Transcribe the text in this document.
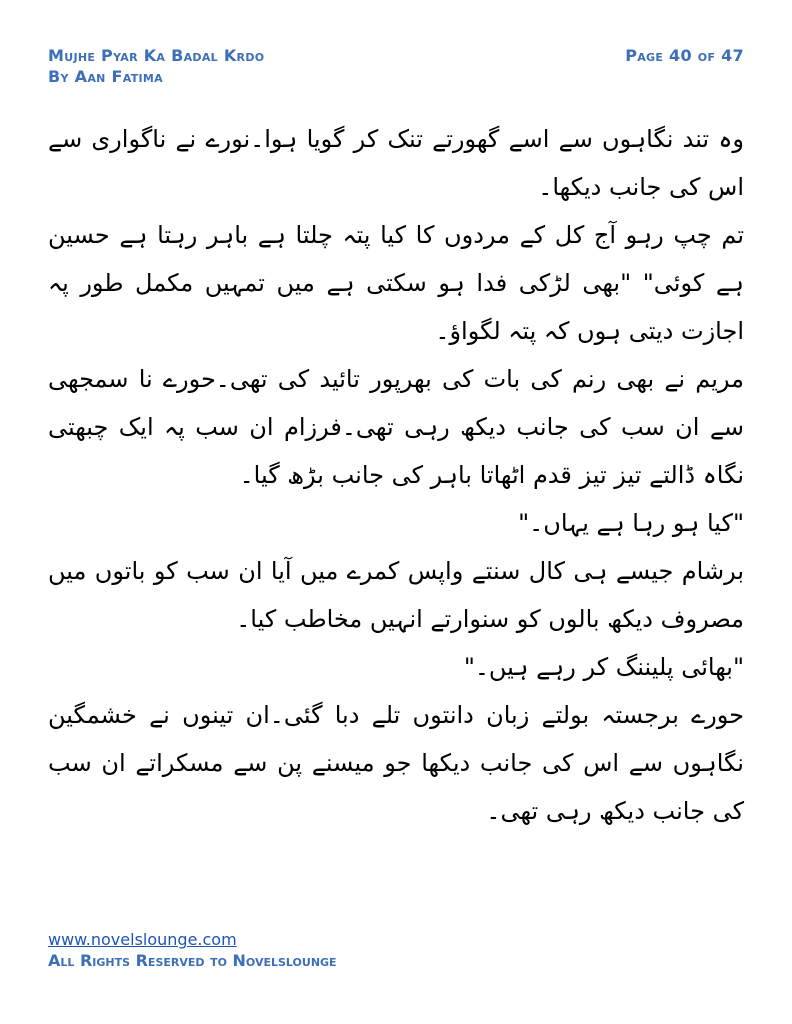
Mujhe Pyar Ka Badal Krdo
By Aan Fatima
Page 40 of 47

وہ تند نگاہوں سے اسے گھورتے تنک کر گویا ہوا۔نورے نے ناگواری سے اس کی جانب دیکھا۔

تم چپ رہو آج کل کے مردوں کا کیا پتہ چلتا ہے باہر رہتا ہے حسین ہے کوئی" "بھی لڑکی فدا ہو سکتی ہے میں تمہیں مکمل طور پہ اجازت دیتی ہوں کہ پتہ لگواؤ۔

مریم نے بھی رنم کی بات کی بھرپور تائید کی تھی۔حورے نا سمجھی سے ان سب کی جانب دیکھ رہی تھی۔فرزام ان سب پہ ایک چبھتی نگاہ ڈالتے تیز تیز قدم اٹھاتا باہر کی جانب بڑھ گیا۔

"کیا ہو رہا ہے یہاں۔"

برشام جیسے ہی کال سنتے واپس کمرے میں آیا ان سب کو باتوں میں مصروف دیکھ بالوں کو سنوارتے انہیں مخاطب کیا۔

"بھائی پلیننگ کر رہے ہیں۔"

حورے برجستہ بولتے زبان دانتوں تلے دبا گئی۔ان تینوں نے خشمگین نگاہوں سے اس کی جانب دیکھا جو میسنے پن سے مسکراتے ان سب کی جانب دیکھ رہی تھی۔

www.novelslounge.com
All Rights Reserved to Novelslounge
